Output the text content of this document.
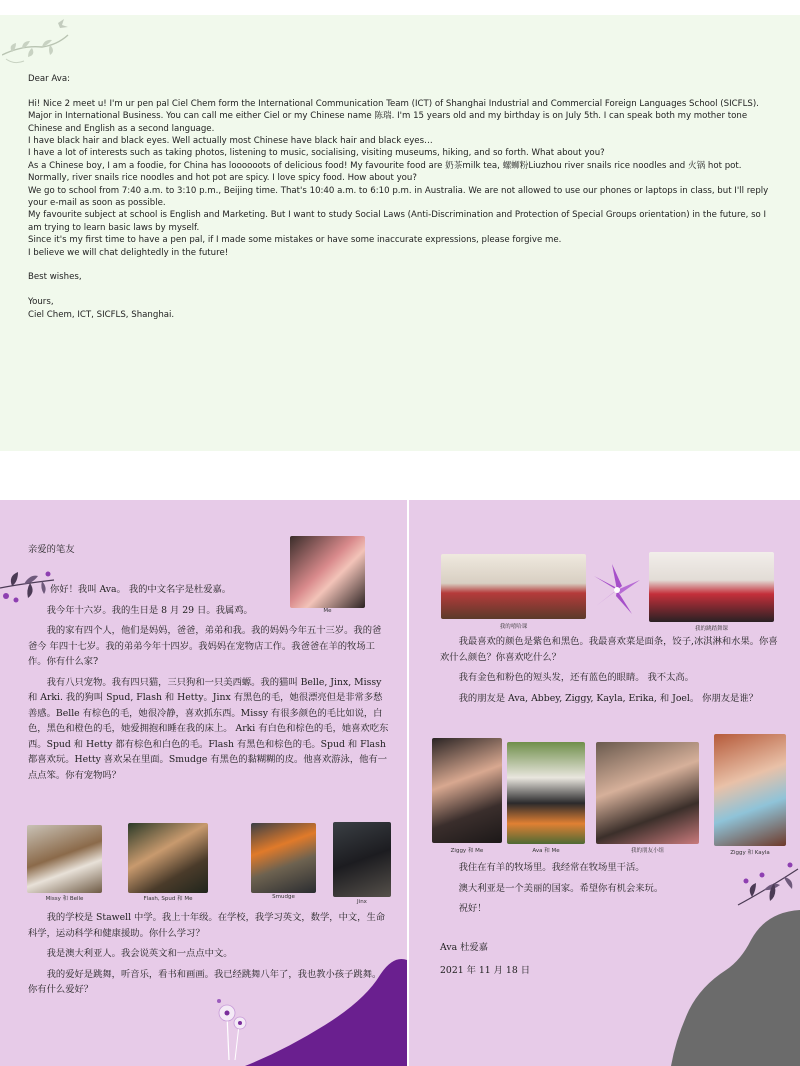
Dear Ava:

Hi! Nice 2 meet u! I'm ur pen pal Ciel Chem form the International Communication Team (ICT) of Shanghai Industrial and Commercial Foreign Languages School (SICFLS). Major in International Business. You can call me either Ciel or my Chinese name 陈瑞. I'm 15 years old and my birthday is on July 5th. I can speak both my mother tone Chinese and English as a second language.

I have black hair and black eyes. Well actually most Chinese have black hair and black eyes…

I have a lot of interests such as taking photos, listening to music, socialising, visiting museums, hiking, and so forth. What about you?

As a Chinese boy, I am a foodie, for China has loooooots of delicious food! My favourite food are 奶茶milk tea, 螺蛳粉Liuzhou river snails rice noodles and 火锅 hot pot. Normally, river snails rice noodles and hot pot are spicy. I love spicy food. How about you?

We go to school from 7:40 a.m. to 3:10 p.m., Beijing time. That's 10:40 a.m. to 6:10 p.m. in Australia. We are not allowed to use our phones or laptops in class, but I'll reply your e-mail as soon as possible.

My favourite subject at school is English and Marketing. But I want to study Social Laws (Anti-Discrimination and Protection of Special Groups orientation) in the future, so I am trying to learn basic laws by myself.

Since it's my first time to have a pen pal, if I made some mistakes or have some inaccurate expressions, please forgive me.

I believe we will chat delightedly in the future!

Best wishes,

Yours,

Ciel Chem, ICT, SICFLS, Shanghai.

亲爱的笔友
Me

你好！我叫 Ava。 我的中文名字是杜爱嘉。

我今年十六岁。我的生日是 8 月 29 日。我属鸡。

我的家有四个人，他们是妈妈，爸爸，弟弟和我。我的妈妈今年五十三岁。我的爸爸今 年四十七岁。我的弟弟今年十四岁。我妈妈在宠物店工作。我爸爸在羊的牧场工作。你有什么家?

我有八只宠物。我有四只猫，三只狗和一只美西螈。我的猫叫 Belle, Jinx, Missy 和 Arki. 我的狗叫 Spud, Flash 和 Hetty。Jinx 有黑色的毛，她很漂亮但是非常多愁善感。Belle 有棕色的毛，她很冷静，喜欢抓东西。Missy 有很多颜色的毛比如说，白色，黑色和橙色的毛，她爱拥抱和睡在我的床上。 Arki 有白色和棕色的毛，她喜欢吃东西。Spud 和 Hetty 都有棕色和白色的毛。Flash 有黑色和棕色的毛。Spud 和 Flash 都喜欢玩。Hetty 喜欢呆在里面。Smudge 有黑色的黏糊糊的皮。他喜欢游泳，他有一点点笨。你有宠物吗？

Missy 和 Belle	Flash, Spud 和 Me	Smudge
Jinx

我的学校是 Stawell 中学。我上十年级。在学校，我学习英文，数学，中文，生命科学，运动科学和健康援助。你什么学习？

我是澳大利亚人。我会说英文和一点点中文。

我的爱好是跳舞，听音乐，看书和画画。我已经跳舞八年了，我也教小孩子跳舞。你有什么爱好？

我的嘻哈课	我的跳踏舞课

我最喜欢的颜色是紫色和黑色。我最喜欢菜是面条，饺子,冰淇淋和水果。你喜欢什么颜色？你喜欢吃什么？

我有金色和粉色的短头发，还有蓝色的眼睛。 我不太高。

我的朋友是 Ava, Abbey, Ziggy, Kayla, Erika, 和 Joel。 你朋友是谁？

Ziggy 和 Me	Ava 和 Me	我的朋友小组	Ziggy 和 Kayla

我住在有羊的牧场里。我经常在牧场里干活。

澳大利亚是一个美丽的国家。希望你有机会来玩。

祝好！

Ava 杜爱嘉
2021 年 11 月 18 日
